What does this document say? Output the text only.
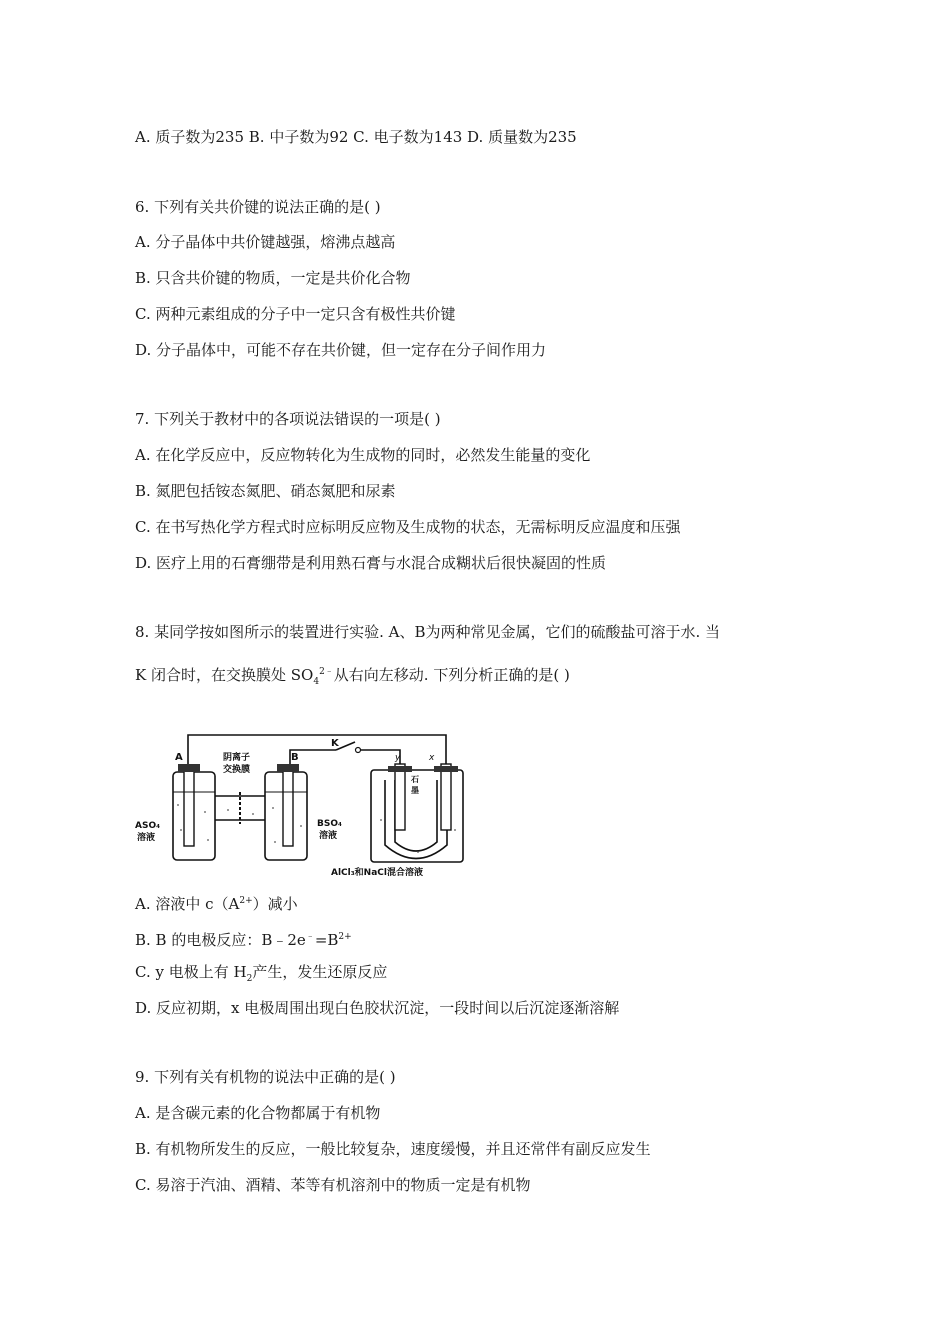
A. 质子数为235 B. 中子数为92 C. 电子数为143 D. 质量数为235
6. 下列有关共价键的说法正确的是( )
A. 分子晶体中共价键越强，熔沸点越高
B. 只含共价键的物质，一定是共价化合物
C. 两种元素组成的分子中一定只含有极性共价键
D. 分子晶体中，可能不存在共价键，但一定存在分子间作用力
7. 下列关于教材中的各项说法错误的一项是( )
A. 在化学反应中，反应物转化为生成物的同时，必然发生能量的变化
B. 氮肥包括铵态氮肥、硝态氮肥和尿素
C. 在书写热化学方程式时应标明反应物及生成物的状态，无需标明反应温度和压强
D. 医疗上用的石膏绷带是利用熟石膏与水混合成糊状后很快凝固的性质
8. 某同学按如图所示的装置进行实验. A、B为两种常见金属，它们的硫酸盐可溶于水. 当
K 闭合时，在交换膜处 $SO_4^{2﹣}$从右向左移动. 下列分析正确的是( )
A	B
K
y	x
阴离子
交换膜
ASO₄
溶液
BSO₄
溶液
石
墨
AlCl₃和NaCl混合溶液
A. 溶液中 $c(A^{2+})$减小
B. B 的电极反应：$B﹣2e^﹣=B^{2+}$
C. y 电极上有 $H_2$产生，发生还原反应
D. 反应初期，x 电极周围出现白色胶状沉淀，一段时间以后沉淀逐渐溶解
9. 下列有关有机物的说法中正确的是( )
A. 是含碳元素的化合物都属于有机物
B. 有机物所发生的反应，一般比较复杂，速度缓慢，并且还常伴有副反应发生
C. 易溶于汽油、酒精、苯等有机溶剂中的物质一定是有机物
